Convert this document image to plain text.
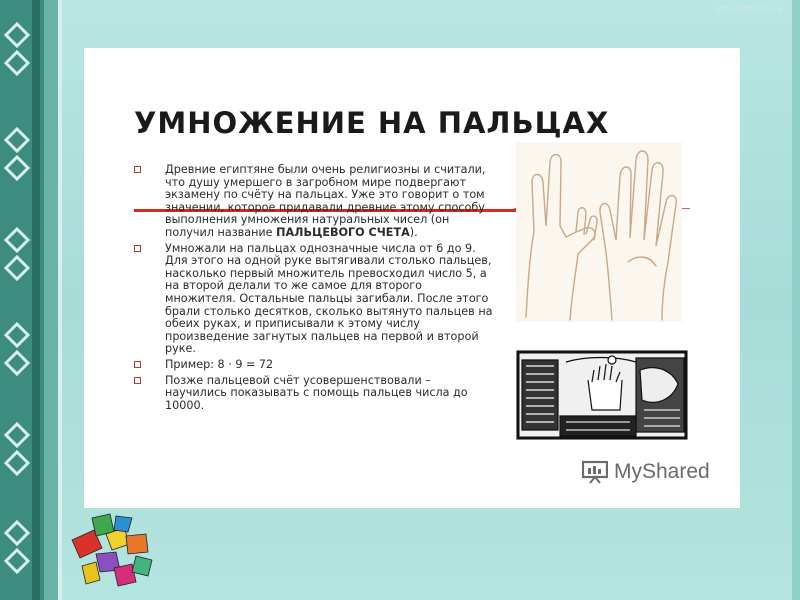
http://edbooks.ru
УМНОЖЕНИЕ НА ПАЛЬЦАХ
Древние египтяне были очень религиозны и считали, что душу умершего в загробном мире подвергают экзамену по счёту на пальцах. Уже это говорит о том значении, которое придавали древние этому способу выполнения умножения натуральных чисел (он получил название ПАЛЬЦЕВОГО СЧЕТА).
Умножали на пальцах однозначные числа от 6 до 9. Для этого на одной руке вытягивали столько пальцев, насколько первый множитель превосходил число 5, а на второй делали то же самое для второго множителя. Остальные пальцы загибали. После этого брали столько десятков, сколько вытянуто пальцев на обеих руках, и приписывали к этому числу произведение загнутых пальцев на первой и второй руке.
Пример: 8 · 9 = 72
Позже пальцевой счёт усовершенствовали – научились показывать с помощь пальцев числа до 10000.
MyShared
